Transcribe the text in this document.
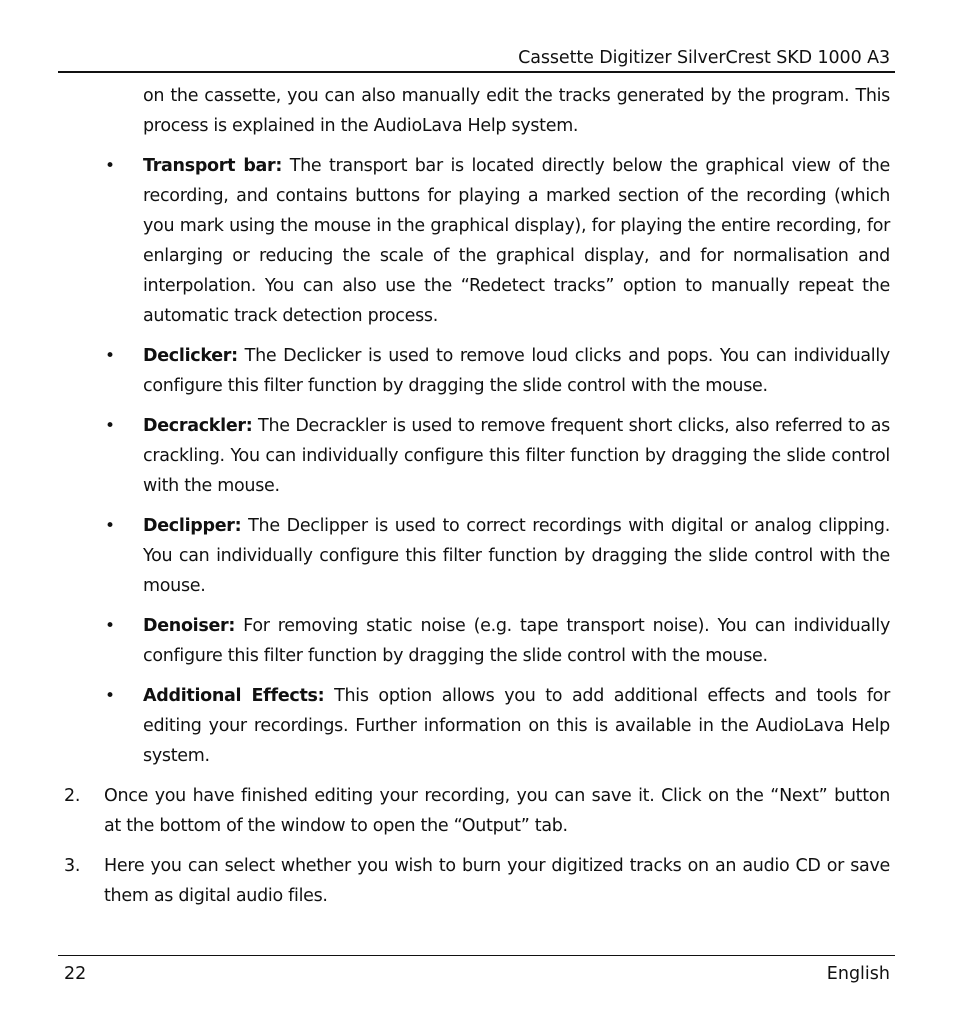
Cassette Digitizer SilverCrest SKD 1000 A3
on the cassette, you can also manually edit the tracks generated by the program. This process is explained in the AudioLava Help system.
• Transport bar: The transport bar is located directly below the graphical view of the recording, and contains buttons for playing a marked section of the recording (which you mark using the mouse in the graphical display), for playing the entire recording, for enlarging or reducing the scale of the graphical display, and for normalisation and interpolation. You can also use the “Redetect tracks” option to manually repeat the automatic track detection process.
• Declicker: The Declicker is used to remove loud clicks and pops. You can individually configure this filter function by dragging the slide control with the mouse.
• Decrackler: The Decrackler is used to remove frequent short clicks, also referred to as crackling. You can individually configure this filter function by dragging the slide control with the mouse.
• Declipper: The Declipper is used to correct recordings with digital or analog clipping. You can individually configure this filter function by dragging the slide control with the mouse.
• Denoiser: For removing static noise (e.g. tape transport noise). You can individually configure this filter function by dragging the slide control with the mouse.
• Additional Effects: This option allows you to add additional effects and tools for editing your recordings. Further information on this is available in the AudioLava Help system.
2. Once you have finished editing your recording, you can save it. Click on the “Next” button at the bottom of the window to open the “Output” tab.
3. Here you can select whether you wish to burn your digitized tracks on an audio CD or save them as digital audio files.
22	English
